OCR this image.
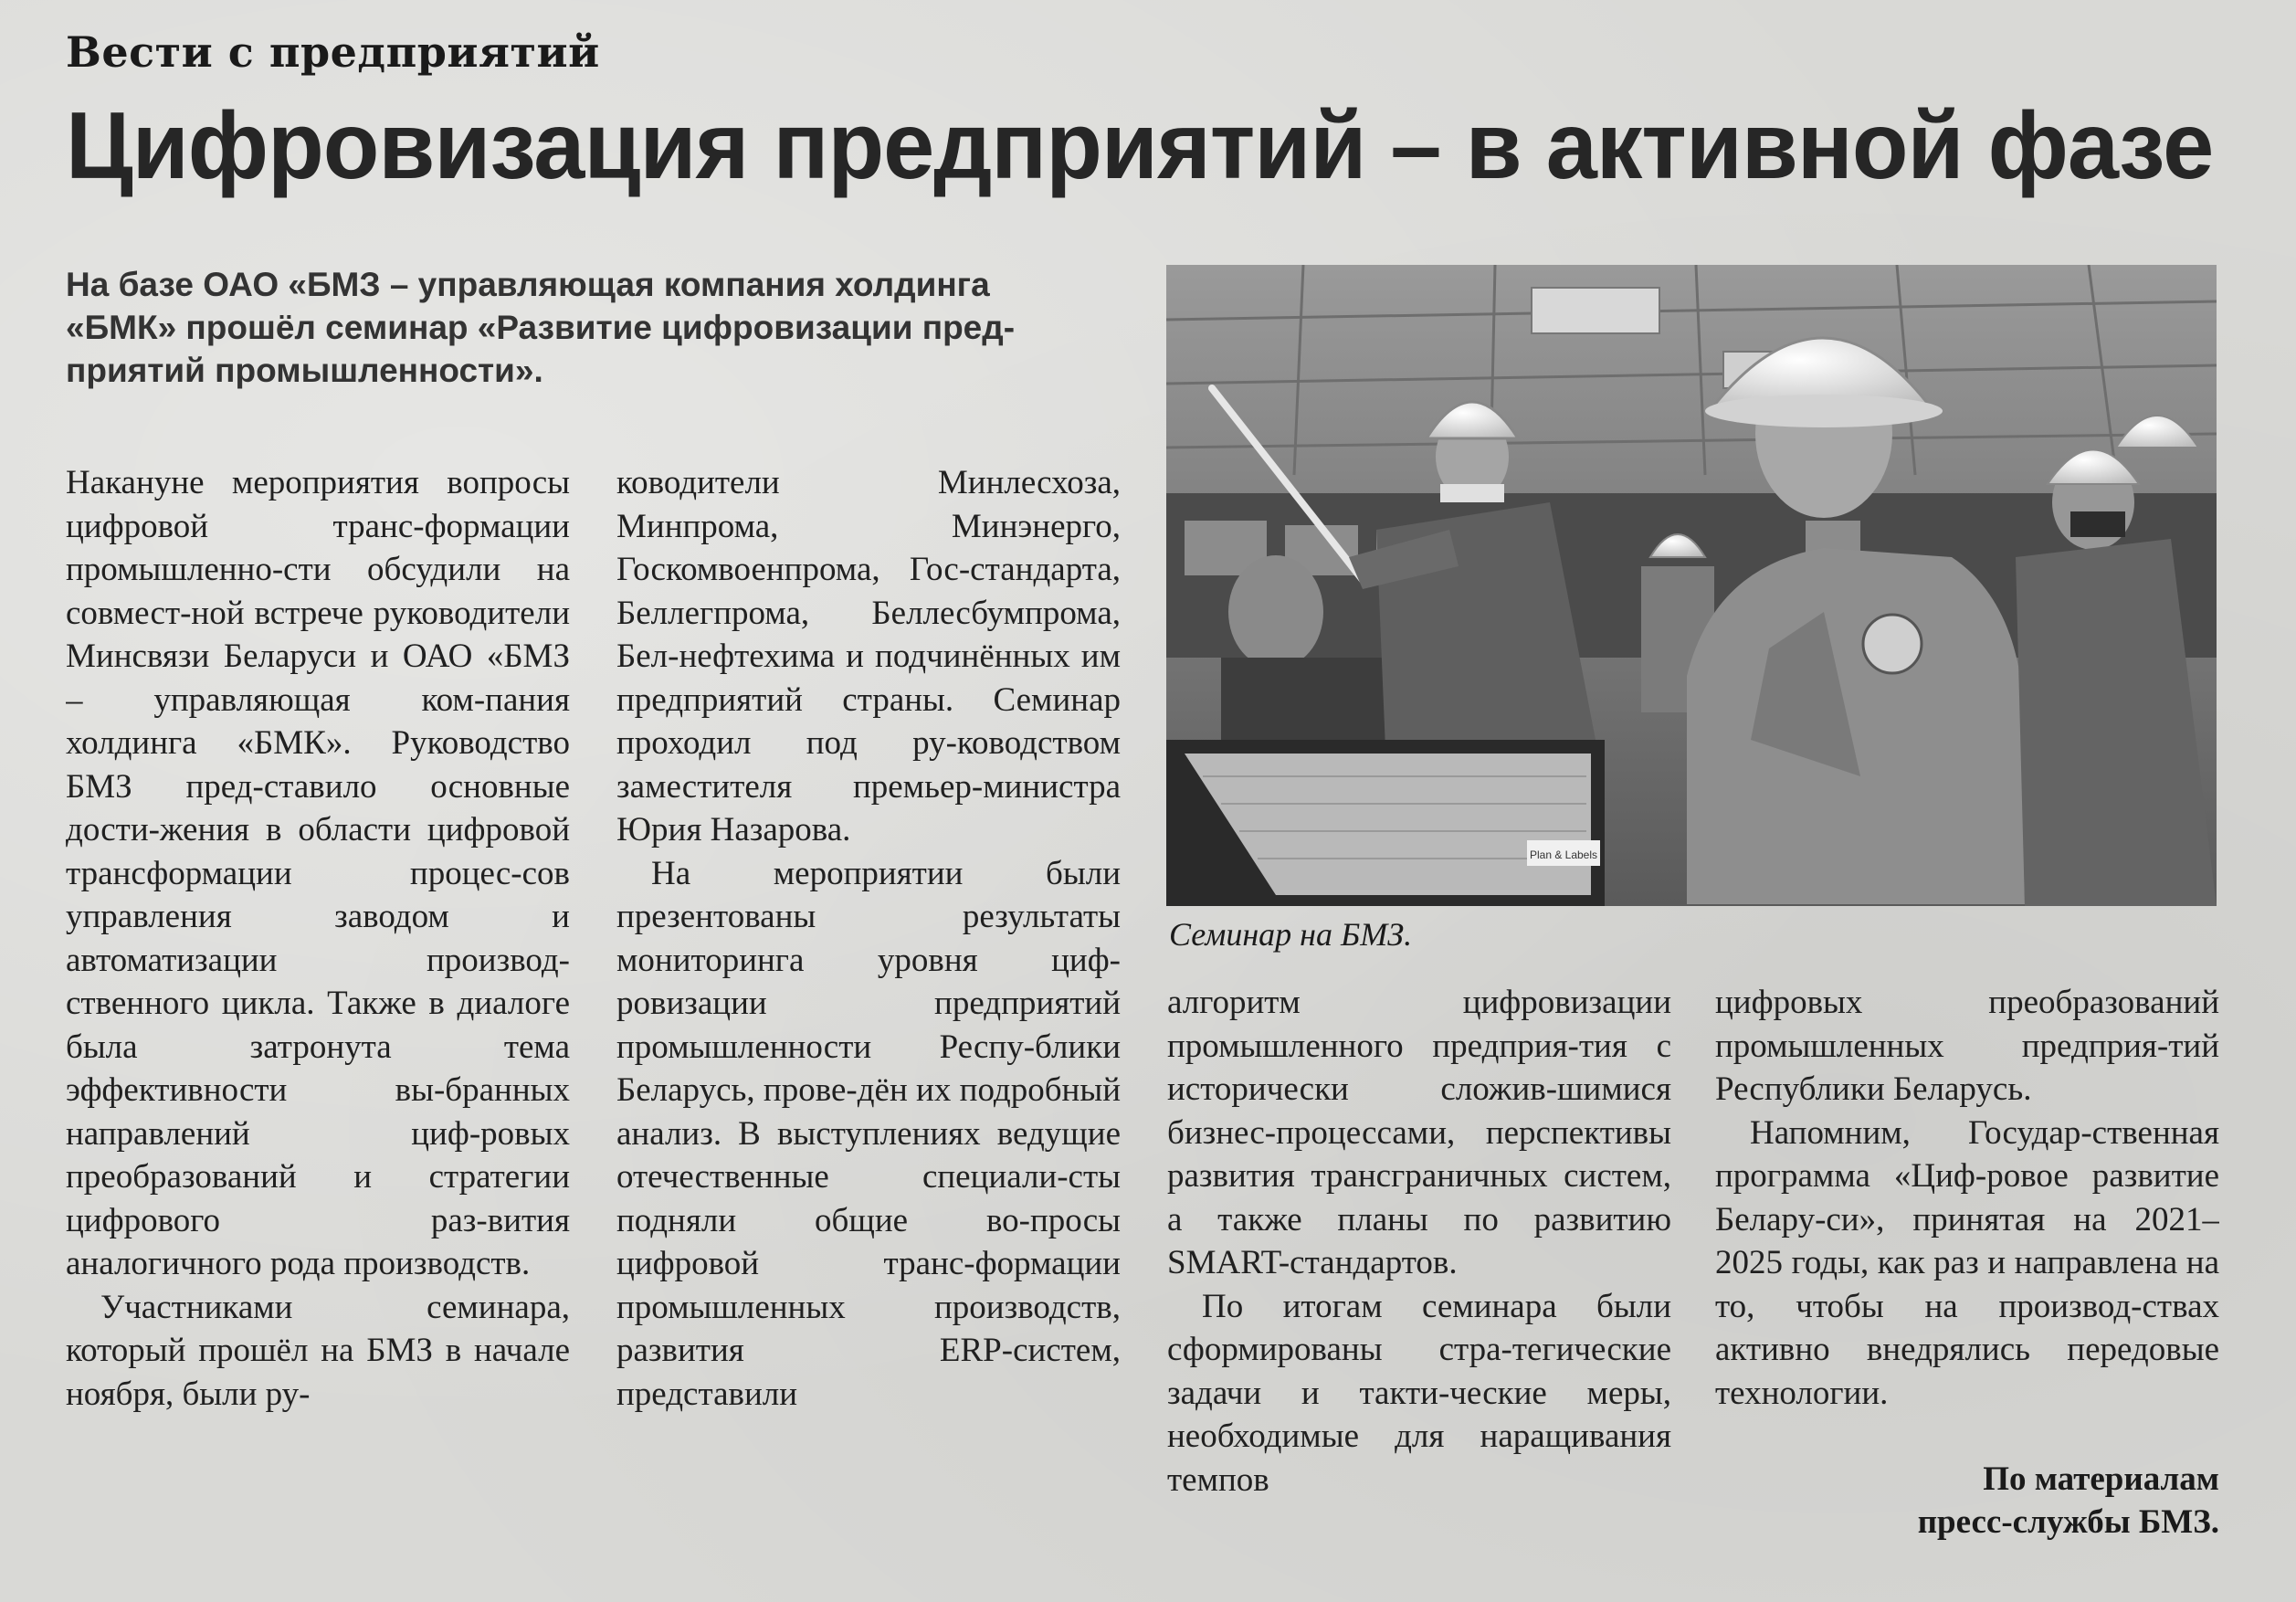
Вести с предприятий
Цифровизация предприятий – в активной фазе
На базе ОАО «БМЗ – управляющая компания холдинга «БМК» прошёл семинар «Развитие цифровизации пред-приятий промышленности».

Накануне мероприятия вопросы цифровой транс-формации промышленно-сти обсудили на совмест-ной встрече руководители Минсвязи Беларуси и ОАО «БМЗ – управляющая ком-пания холдинга «БМК». Руководство БМЗ пред-ставило основные дости-жения в области цифровой трансформации процес-сов управления заводом и автоматизации производ-ственного цикла. Также в диалоге была затронута тема эффективности вы-бранных направлений циф-ровых преобразований и стратегии цифрового раз-вития аналогичного рода производств.

Участниками семинара, который прошёл на БМЗ в начале ноября, были ру-

ководители Минлесхоза, Минпрома, Минэнерго, Госкомвоенпрома, Гос-стандарта, Беллегпрома, Беллесбумпрома, Бел-нефтехима и подчинённых им предприятий страны. Семинар проходил под ру-ководством заместителя премьер-министра Юрия Назарова.

На мероприятии были презентованы результаты мониторинга уровня циф-ровизации предприятий промышленности Респу-блики Беларусь, прове-дён их подробный анализ. В выступлениях ведущие отечественные специали-сты подняли общие во-просы цифровой транс-формации промышленных производств, развития ERP-систем, представили

Plan & Labels
Семинар на БМЗ.

алгоритм цифровизации промышленного предприя-тия с исторически сложив-шимися бизнес-процессами, перспективы развития трансграничных систем, а также планы по развитию SMART-стандартов.

По итогам семинара были сформированы стра-тегические задачи и такти-ческие меры, необходимые для наращивания темпов

цифровых преобразований промышленных предприя-тий Республики Беларусь.

Напомним, Государ-ственная программа «Циф-ровое развитие Белару-си», принятая на 2021–2025 годы, как раз и направлена на то, чтобы на производ-ствах активно внедрялись передовые технологии.

По материалам
пресс-службы БМЗ.
